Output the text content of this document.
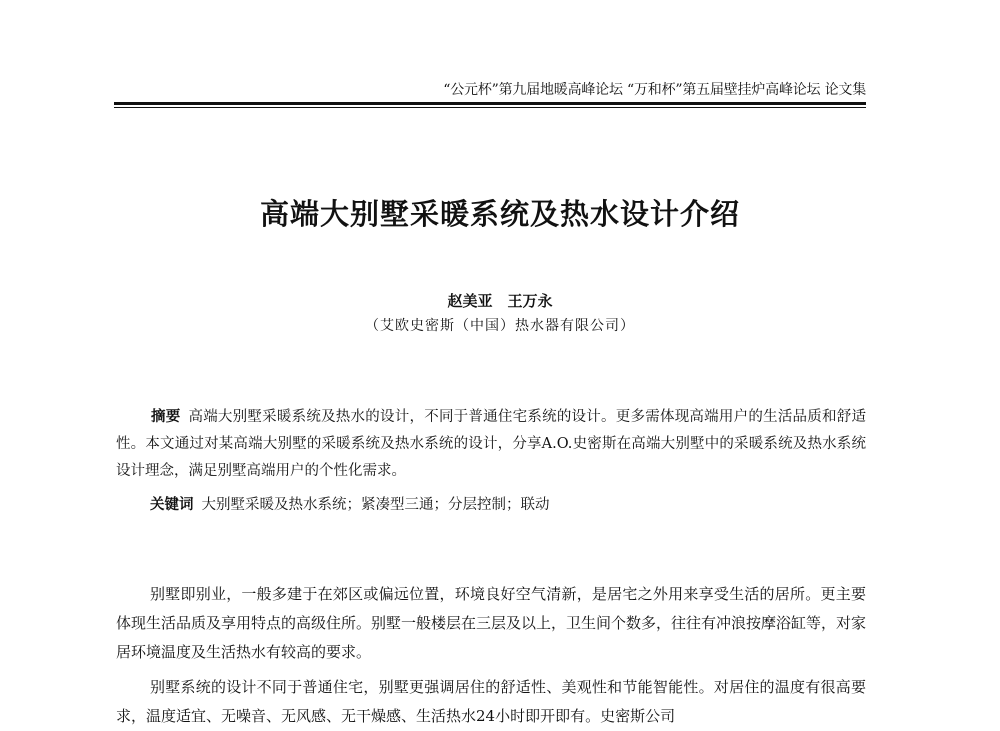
“公元杯”第九届地暖高峰论坛 “万和杯”第五届壁挂炉高峰论坛 论文集
高端大别墅采暖系统及热水设计介绍
赵美亚　王万永
（艾欧史密斯（中国）热水器有限公司）

摘要 高端大别墅采暖系统及热水的设计，不同于普通住宅系统的设计。更多需体现高端用户的生活品质和舒适性。本文通过对某高端大别墅的采暖系统及热水系统的设计，分享A.O.史密斯在高端大别墅中的采暖系统及热水系统设计理念，满足别墅高端用户的个性化需求。

关键词 大别墅采暖及热水系统；紧凑型三通；分层控制；联动

别墅即别业，一般多建于在郊区或偏远位置，环境良好空气清新，是居宅之外用来享受生活的居所。更主要体现生活品质及享用特点的高级住所。别墅一般楼层在三层及以上，卫生间个数多，往往有冲浪按摩浴缸等，对家居环境温度及生活热水有较高的要求。

别墅系统的设计不同于普通住宅，别墅更强调居住的舒适性、美观性和节能智能性。对居住的温度有很高要求，温度适宜、无噪音、无风感、无干燥感、生活热水24小时即开即有。史密斯公司
